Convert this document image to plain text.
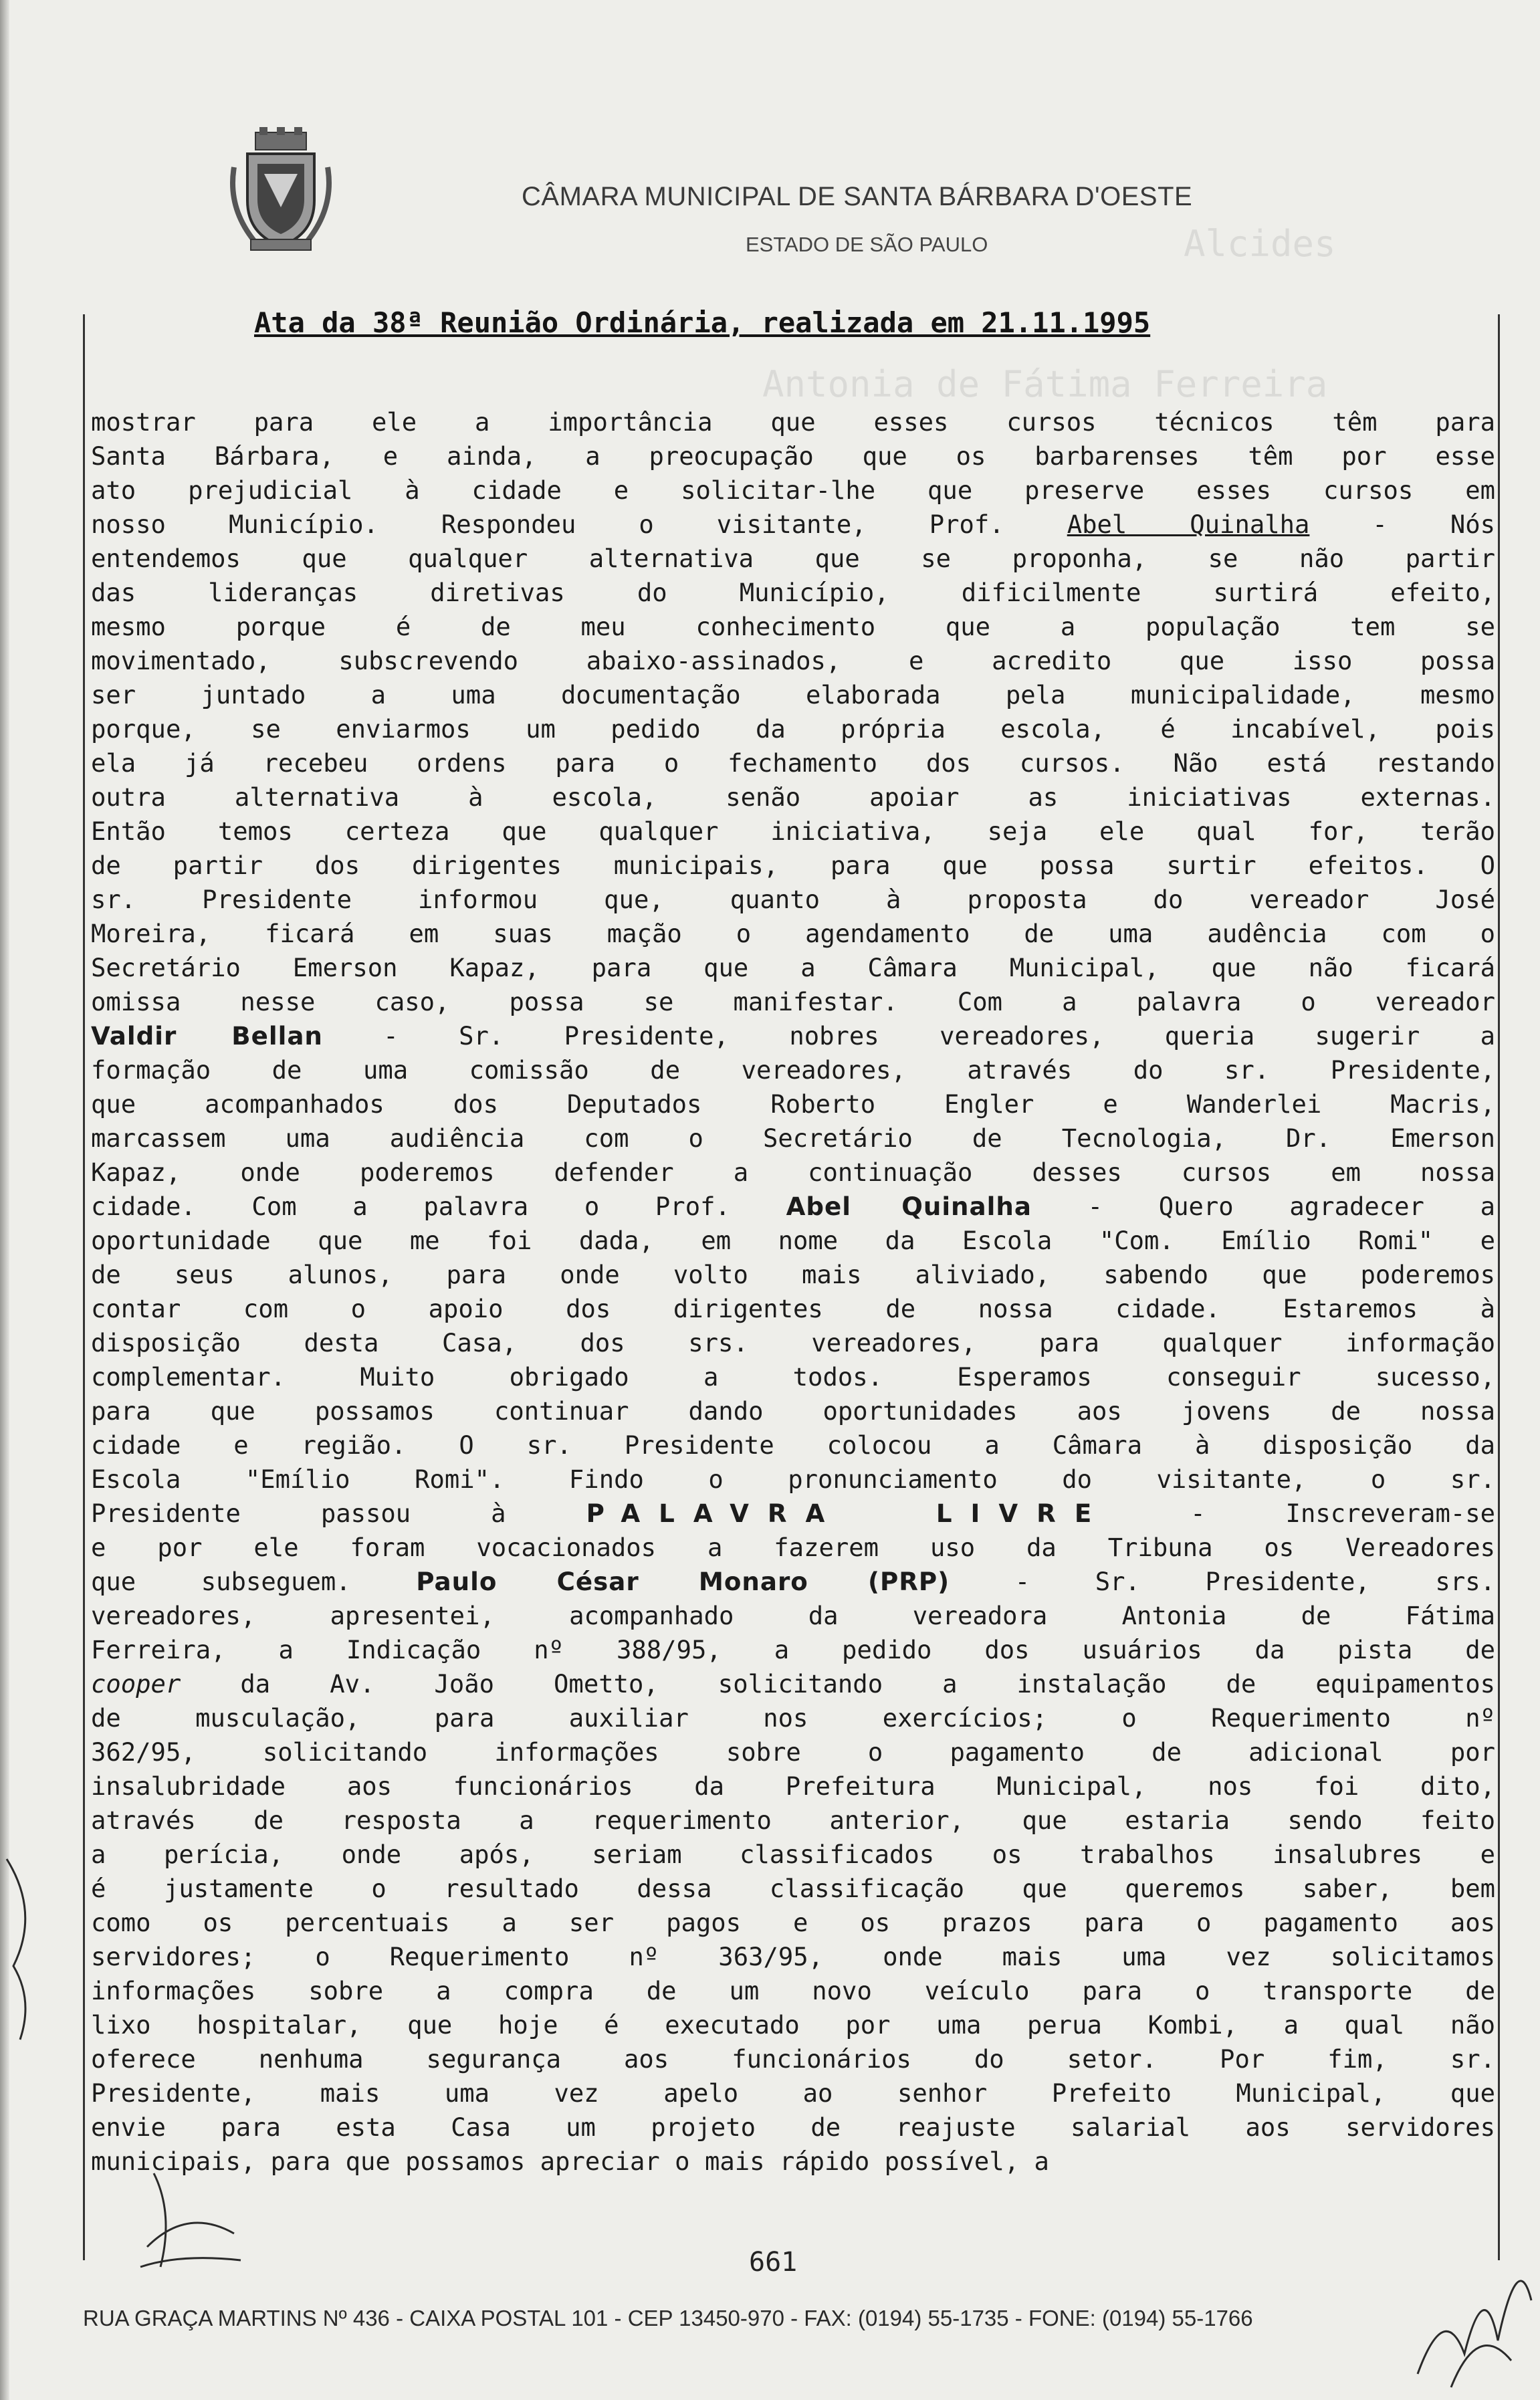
Alcides
Antonia de Fátima Ferreira
CÂMARA MUNICIPAL DE SANTA BÁRBARA D'OESTE
ESTADO DE SÃO PAULO
Ata da 38ª Reunião Ordinária, realizada em 21.11.1995
mostrar para ele a importância que esses cursos técnicos têm para
Santa Bárbara, e ainda, a preocupação que os barbarenses têm por esse
ato prejudicial à cidade e solicitar-lhe que preserve esses cursos em
nosso Município. Respondeu o visitante, Prof.	Abel Quinalha - Nós
entendemos que qualquer alternativa que se proponha, se não partir
das lideranças diretivas do Município, dificilmente surtirá efeito,
mesmo porque é de meu conhecimento que a população tem se
movimentado, subscrevendo abaixo-assinados, e acredito que isso possa
ser juntado a uma documentação elaborada pela municipalidade, mesmo
porque, se enviarmos um pedido da própria escola, é incabível, pois
ela já recebeu ordens para o fechamento dos cursos. Não está restando
outra alternativa à escola, senão apoiar as iniciativas externas.
Então temos certeza que qualquer iniciativa, seja ele qual for, terão
de partir dos dirigentes municipais, para que possa surtir efeitos. O
sr. Presidente informou que, quanto à proposta do vereador José
Moreira, ficará em suas mação o agendamento de uma audência com o
Secretário Emerson Kapaz, para que a Câmara Municipal, que não ficará
omissa nesse caso, possa se manifestar. Com a palavra o vereador
Valdir Bellan - Sr. Presidente, nobres vereadores, queria sugerir a
formação de uma comissão de vereadores, através do sr. Presidente,
que acompanhados dos Deputados Roberto Engler e Wanderlei Macris,
marcassem uma audiência com o Secretário de Tecnologia, Dr. Emerson
Kapaz, onde poderemos defender a continuação desses cursos em nossa
cidade. Com a palavra o Prof. Abel Quinalha - Quero agradecer a
oportunidade que me foi dada, em nome da Escola "Com. Emílio Romi" e
de seus alunos, para onde volto mais aliviado, sabendo que poderemos
contar com o apoio dos dirigentes de nossa cidade. Estaremos à
disposição desta Casa, dos srs. vereadores, para qualquer informação
complementar. Muito obrigado a todos. Esperamos conseguir sucesso,
para que possamos continuar dando oportunidades aos jovens de nossa
cidade e região. O sr. Presidente colocou a Câmara à disposição da
Escola "Emílio Romi". Findo o pronunciamento do visitante, o sr.
Presidente passou à	PALAVRA LIVRE - Inscreveram-se
e por ele foram vocacionados a fazerem uso da Tribuna os Vereadores
que subseguem.	Paulo César Monaro (PRP) - Sr. Presidente, srs.
vereadores, apresentei, acompanhado da vereadora Antonia de Fátima
Ferreira, a Indicação nº 388/95, a pedido dos usuários da pista de
cooper da Av. João Ometto, solicitando a instalação de equipamentos
de musculação, para auxiliar nos exercícios; o Requerimento nº
362/95, solicitando informações sobre o pagamento de adicional por
insalubridade aos funcionários da Prefeitura Municipal, nos foi dito,
através de resposta a requerimento anterior, que estaria sendo feito
a perícia, onde após, seriam classificados os trabalhos insalubres e
é justamente o resultado dessa classificação que queremos saber, bem
como os percentuais a ser pagos e os prazos para o pagamento aos
servidores; o Requerimento nº 363/95, onde mais uma vez solicitamos
informações sobre a compra de um novo veículo para o transporte de
lixo hospitalar, que hoje é executado por uma perua Kombi, a qual não
oferece nenhuma segurança aos funcionários do setor. Por fim, sr.
Presidente, mais uma vez apelo ao senhor Prefeito Municipal, que
envie para esta Casa um projeto de reajuste salarial aos servidores
municipais, para que possamos apreciar o mais rápido possível, a
661
RUA GRAÇA MARTINS Nº 436 - CAIXA POSTAL 101 - CEP 13450-970 - FAX: (0194) 55-1735 - FONE: (0194) 55-1766
